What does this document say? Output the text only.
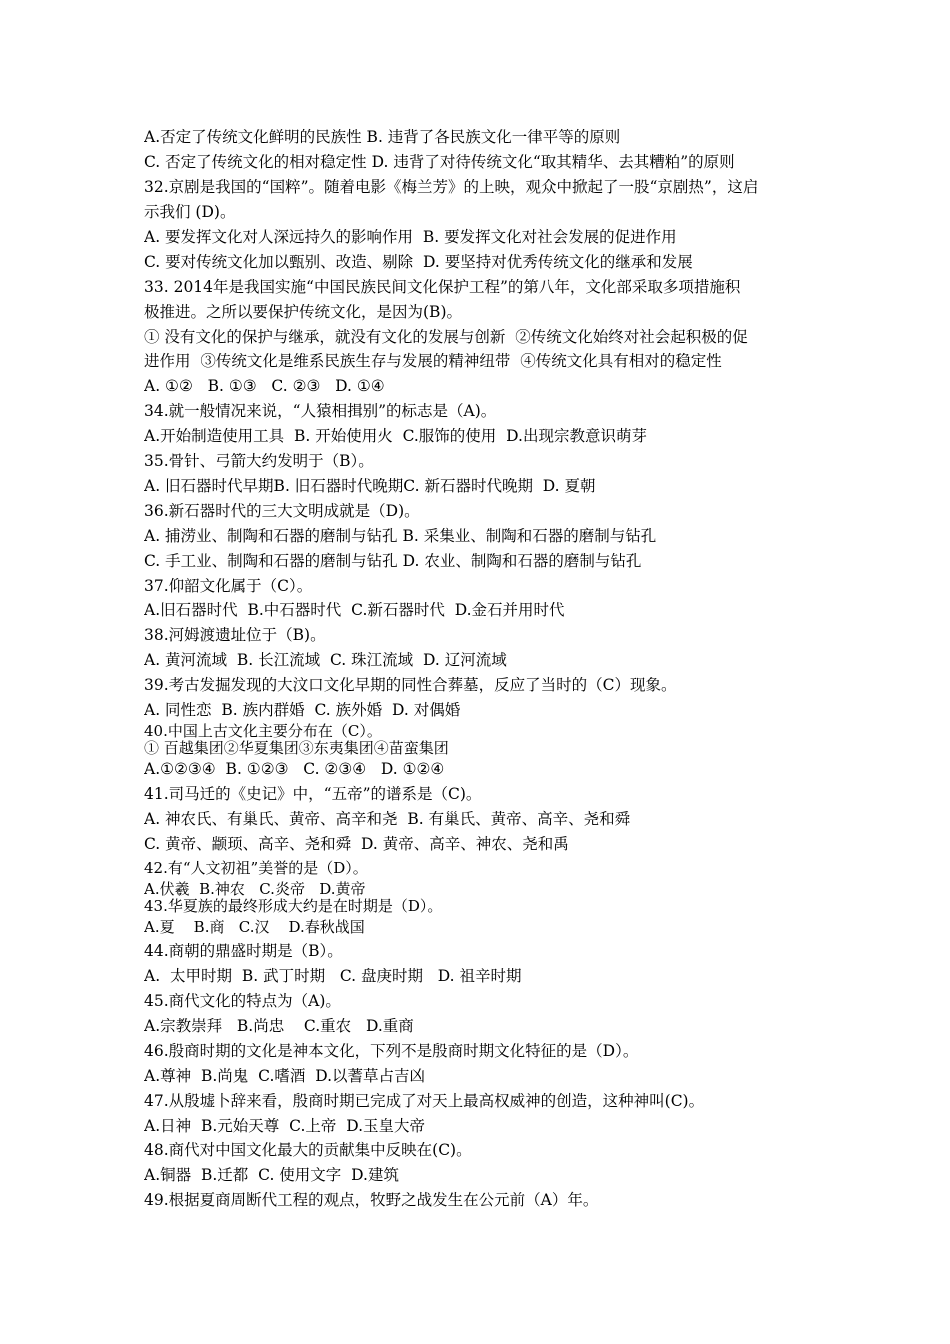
A.否定了传统文化鲜明的民族性 B. 违背了各民族文化一律平等的原则
C. 否定了传统文化的相对稳定性 D. 违背了对待传统文化“取其精华、去其糟粕”的原则
32.京剧是我国的“国粹”。随着电影《梅兰芳》的上映，观众中掀起了一股“京剧热”，这启
示我们 (D)。
A. 要发挥文化对人深远持久的影响作用  B. 要发挥文化对社会发展的促进作用
C. 要对传统文化加以甄别、改造、剔除  D. 要坚持对优秀传统文化的继承和发展
33. 2014年是我国实施“中国民族民间文化保护工程”的第八年，文化部采取多项措施积
极推进。之所以要保护传统文化，是因为(B)。
① 没有文化的保护与继承，就没有文化的发展与创新  ②传统文化始终对社会起积极的促
进作用  ③传统文化是维系民族生存与发展的精神纽带  ④传统文化具有相对的稳定性
A. ①②   B. ①③   C. ②③   D. ①④
34.就一般情况来说，“人猿相揖别”的标志是（A)。
A.开始制造使用工具  B. 开始使用火  C.服饰的使用  D.出现宗教意识萌芽
35.骨针、弓箭大约发明于（B）。
A. 旧石器时代早期B. 旧石器时代晚期C. 新石器时代晚期  D. 夏朝
36.新石器时代的三大文明成就是（D)。
A. 捕涝业、制陶和石器的磨制与钻孔 B. 采集业、制陶和石器的磨制与钻孔
C. 手工业、制陶和石器的磨制与钻孔 D. 农业、制陶和石器的磨制与钻孔
37.仰韶文化属于（C）。
A.旧石器时代  B.中石器时代  C.新石器时代  D.金石并用时代
38.河姆渡遗址位于（B)。
A. 黄河流域  B. 长江流域  C. 珠江流域  D. 辽河流域
39.考古发掘发现的大汶口文化早期的同性合葬墓，反应了当时的（C）现象。
A. 同性恋  B. 族内群婚  C. 族外婚  D. 对偶婚
40.中国上古文化主要分布在（C）。
① 百越集团②华夏集团③东夷集团④苗蛮集团
A.①②③④  B. ①②③   C. ②③④   D. ①②④
41.司马迁的《史记》中，“五帝”的谱系是（C)。
A. 神农氏、有巢氏、黄帝、高辛和尧  B. 有巢氏、黄帝、高辛、尧和舜
C. 黄帝、颛顼、高辛、尧和舜  D. 黄帝、高辛、神农、尧和禹
42.有“人文初祖”美誉的是（D）。
A.伏羲  B.神农   C.炎帝   D.黄帝
43.华夏族的最终形成大约是在时期是（D）。
A.夏    B.商   C.汉    D.春秋战国
44.商朝的鼎盛时期是（B）。
A.  太甲时期  B. 武丁时期   C. 盘庚时期   D. 祖辛时期
45.商代文化的特点为（A)。
A.宗教崇拜   B.尚忠    C.重农   D.重商
46.殷商时期的文化是神本文化，下列不是殷商时期文化特征的是（D）。
A.尊神  B.尚鬼  C.嗜酒  D.以蓍草占吉凶
47.从殷墟卜辞来看，殷商时期已完成了对天上最高权威神的创造，这种神叫(C)。
A.日神  B.元始天尊  C.上帝  D.玉皇大帝
48.商代对中国文化最大的贡献集中反映在(C)。
A.铜器  B.迁都  C. 使用文字  D.建筑
49.根据夏商周断代工程的观点，牧野之战发生在公元前（A）年。
